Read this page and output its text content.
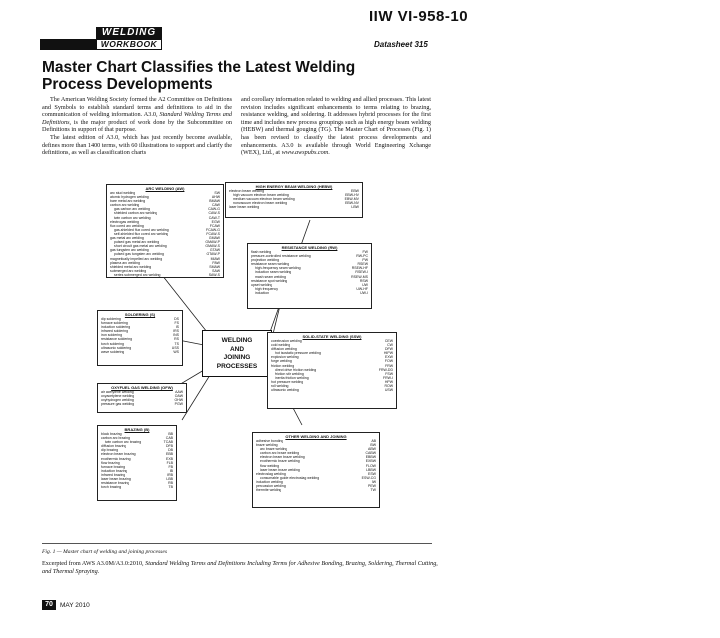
IIW VI-958-10
WELDING
WORKBOOK	Datasheet 315
Master Chart Classifies the Latest Welding Process Developments

The American Welding Society formed the A2 Committee on Definitions and Symbols to establish standard terms and definitions to aid in the communication of welding information. A3.0, Standard Welding Terms and Definitions, is the major product of work done by the Subcommittee on Definitions in support of that purpose.

The latest edition of A3.0, which has just recently become available, defines more than 1400 terms, with 60 illustrations to support and clarify the definitions, as well as classification charts

and corollary information related to welding and allied processes. This latest revision includes significant enhancements to terms relating to brazing, resistance welding, and soldering. It addresses hybrid processes for the first time and includes new process groupings such as high energy beam welding (HEBW) and thermal gouging (TG). The Master Chart of Processes (Fig. 1) has been revised to classify the latest process developments and enhancements. A3.0 is available through World Engineering Xchange (WEX), Ltd., at www.awspubs.com.

ARC WELDING (AW)
arc stud welding	SW
atomic hydrogen welding	AHW
bare metal arc welding	BMAW
carbon arc welding	CAW
gas carbon arc welding	CAW-G
shielded carbon arc welding	CAW-S
twin carbon arc welding	CAW-T
electrogas welding	EGW
flux cored arc welding	FCAW
gas-shielded flux cored arc welding	FCAW-G
self-shielded flux cored arc welding	FCAW-S
gas metal arc welding	GMAW
pulsed gas metal arc welding	GMAW-P
short circuit gas metal arc welding	GMAW-S
gas tungsten arc welding	GTAW
pulsed gas tungsten arc welding	GTAW-P
magnetically impelled arc welding	MIAW
plasma arc welding	PAW
shielded metal arc welding	SMAW
submerged arc welding	SAW
series submerged arc welding	SAW-S
HIGH ENERGY BEAM WELDING (HEBW)
electron beam welding	EBW
high vacuum electron beam welding	EBW-HV
medium vacuum electron beam welding	EBW-MV
nonvacuum electron beam welding	EBW-NV
laser beam welding	LBW
RESISTANCE WELDING (RW)
flash welding	FW
pressure-controlled resistance welding	RW-PC
projection welding	PW
resistance seam welding	RSEW
high-frequency seam welding	RSEW-HF
induction seam welding	RSEW-I
mash seam welding	RSEW-MS
resistance spot welding	RSW
upset welding	UW
high frequency	UW-HF
induction	UW-I
SOLDERING (S)
dip soldering	DS
furnace soldering	FS
induction soldering	IS
infrared soldering	IRS
iron soldering	INS
resistance soldering	RS
torch soldering	TS
ultrasonic soldering	USS
wave soldering	WS
WELDING
AND
JOINING
PROCESSES
SOLID-STATE WELDING (SSW)
coextrusion welding	CEW
cold welding	CW
diffusion welding	DFW
hot isostatic pressure welding	HIPW
explosion welding	EXW
forge welding	FOW
friction welding	FRW
direct drive friction welding	FRW-DD
friction stir welding	FSW
inertia friction welding	FRW-I
hot pressure welding	HPW
roll welding	ROW
ultrasonic welding	USW
OXYFUEL GAS WELDING (OFW)
air acetylene welding	AAW
oxyacetylene welding	OAW
oxyhydrogen welding	OHW
pressure gas welding	PGW
BRAZING (B)
block brazing	BB
carbon arc brazing	CAB
twin carbon arc brazing	TCAB
diffusion brazing	DFB
dip brazing	DB
electron beam brazing	EBB
exothermic brazing	EXB
flow brazing	FLB
furnace brazing	FB
induction brazing	IB
infrared brazing	IRB
laser beam brazing	LBB
resistance brazing	RB
torch brazing	TB
OTHER WELDING AND JOINING
adhesive bonding	AB
braze welding	BW
arc braze welding	ABW
carbon arc braze welding	CABW
electron beam braze welding	EBBW
exothermic braze welding	EXBW
flow welding	FLOW
laser beam braze welding	LBBW
electroslag welding	ESW
consumable guide electroslag welding	ESW-CG
induction welding	IW
percussion welding	PEW
thermite welding	TW
Fig. 1 — Master chart of welding and joining processes
Excerpted from AWS A3.0M/A3.0:2010, Standard Welding Terms and Definitions Including Terms for Adhesive Bonding, Brazing, Soldering, Thermal Cutting, and Thermal Spraying.
70	MAY 2010
